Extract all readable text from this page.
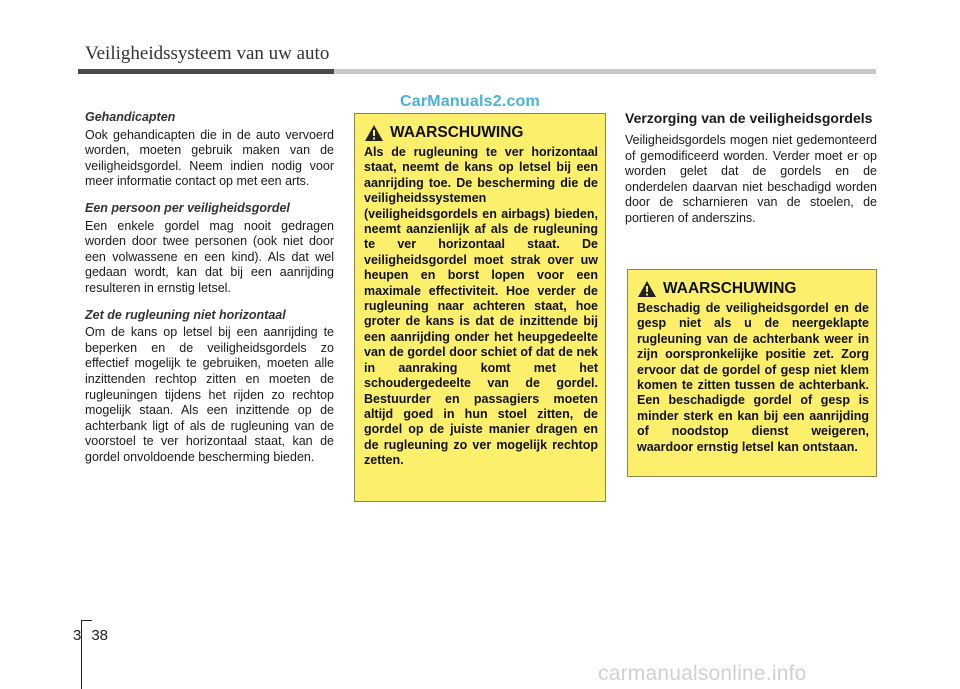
Veiligheidssysteem van uw auto
CarManuals2.com
Gehandicapten

Ook gehandicapten die in de auto vervoerd worden, moeten gebruik maken van de veiligheidsgordel. Neem indien nodig voor meer informatie contact op met een arts.

Een persoon per veiligheidsgordel

Een enkele gordel mag nooit gedragen worden door twee personen (ook niet door een volwassene en een kind). Als dat wel gedaan wordt, kan dat bij een aanrijding resulteren in ernstig letsel.

Zet de rugleuning niet horizontaal

Om de kans op letsel bij een aanrijding te beperken en de veiligheidsgordels zo effectief mogelijk te gebruiken, moeten alle inzittenden rechtop zitten en moeten de rugleuningen tijdens het rijden zo rechtop mogelijk staan. Als een inzittende op de achterbank ligt of als de rugleuning van de voorstoel te ver horizontaal staat, kan de gordel onvoldoende bescherming bieden.

WAARSCHUWING

Als de rugleuning te ver horizontaal staat, neemt de kans op letsel bij een aanrijding toe. De bescherming die de veiligheidssystemen (veiligheidsgordels en airbags) bieden, neemt aanzienlijk af als de rugleuning te ver horizontaal staat. De veiligheidsgordel moet strak over uw heupen en borst lopen voor een maximale effectiviteit. Hoe verder de rugleuning naar achteren staat, hoe groter de kans is dat de inzittende bij een aanrijding onder het heupgedeelte van de gordel door schiet of dat de nek in aanraking komt met het schoudergedeelte van de gordel. Bestuurder en passagiers moeten altijd goed in hun stoel zitten, de gordel op de juiste manier dragen en de rugleuning zo ver mogelijk rechtop zetten.

Verzorging van de veiligheidsgordels

Veiligheidsgordels mogen niet gedemonteerd of gemodificeerd worden. Verder moet er op worden gelet dat de gordels en de onderdelen daarvan niet beschadigd worden door de scharnieren van de stoelen, de portieren of anderszins.

WAARSCHUWING

Beschadig de veiligheidsgordel en de gesp niet als u de neergeklapte rugleuning van de achterbank weer in zijn oorspronkelijke positie zet. Zorg ervoor dat de gordel of gesp niet klem komen te zitten tussen de achterbank. Een beschadigde gordel of gesp is minder sterk en kan bij een aanrijding of noodstop dienst weigeren, waardoor ernstig letsel kan ontstaan.

3 38
carmanualsonline.info
